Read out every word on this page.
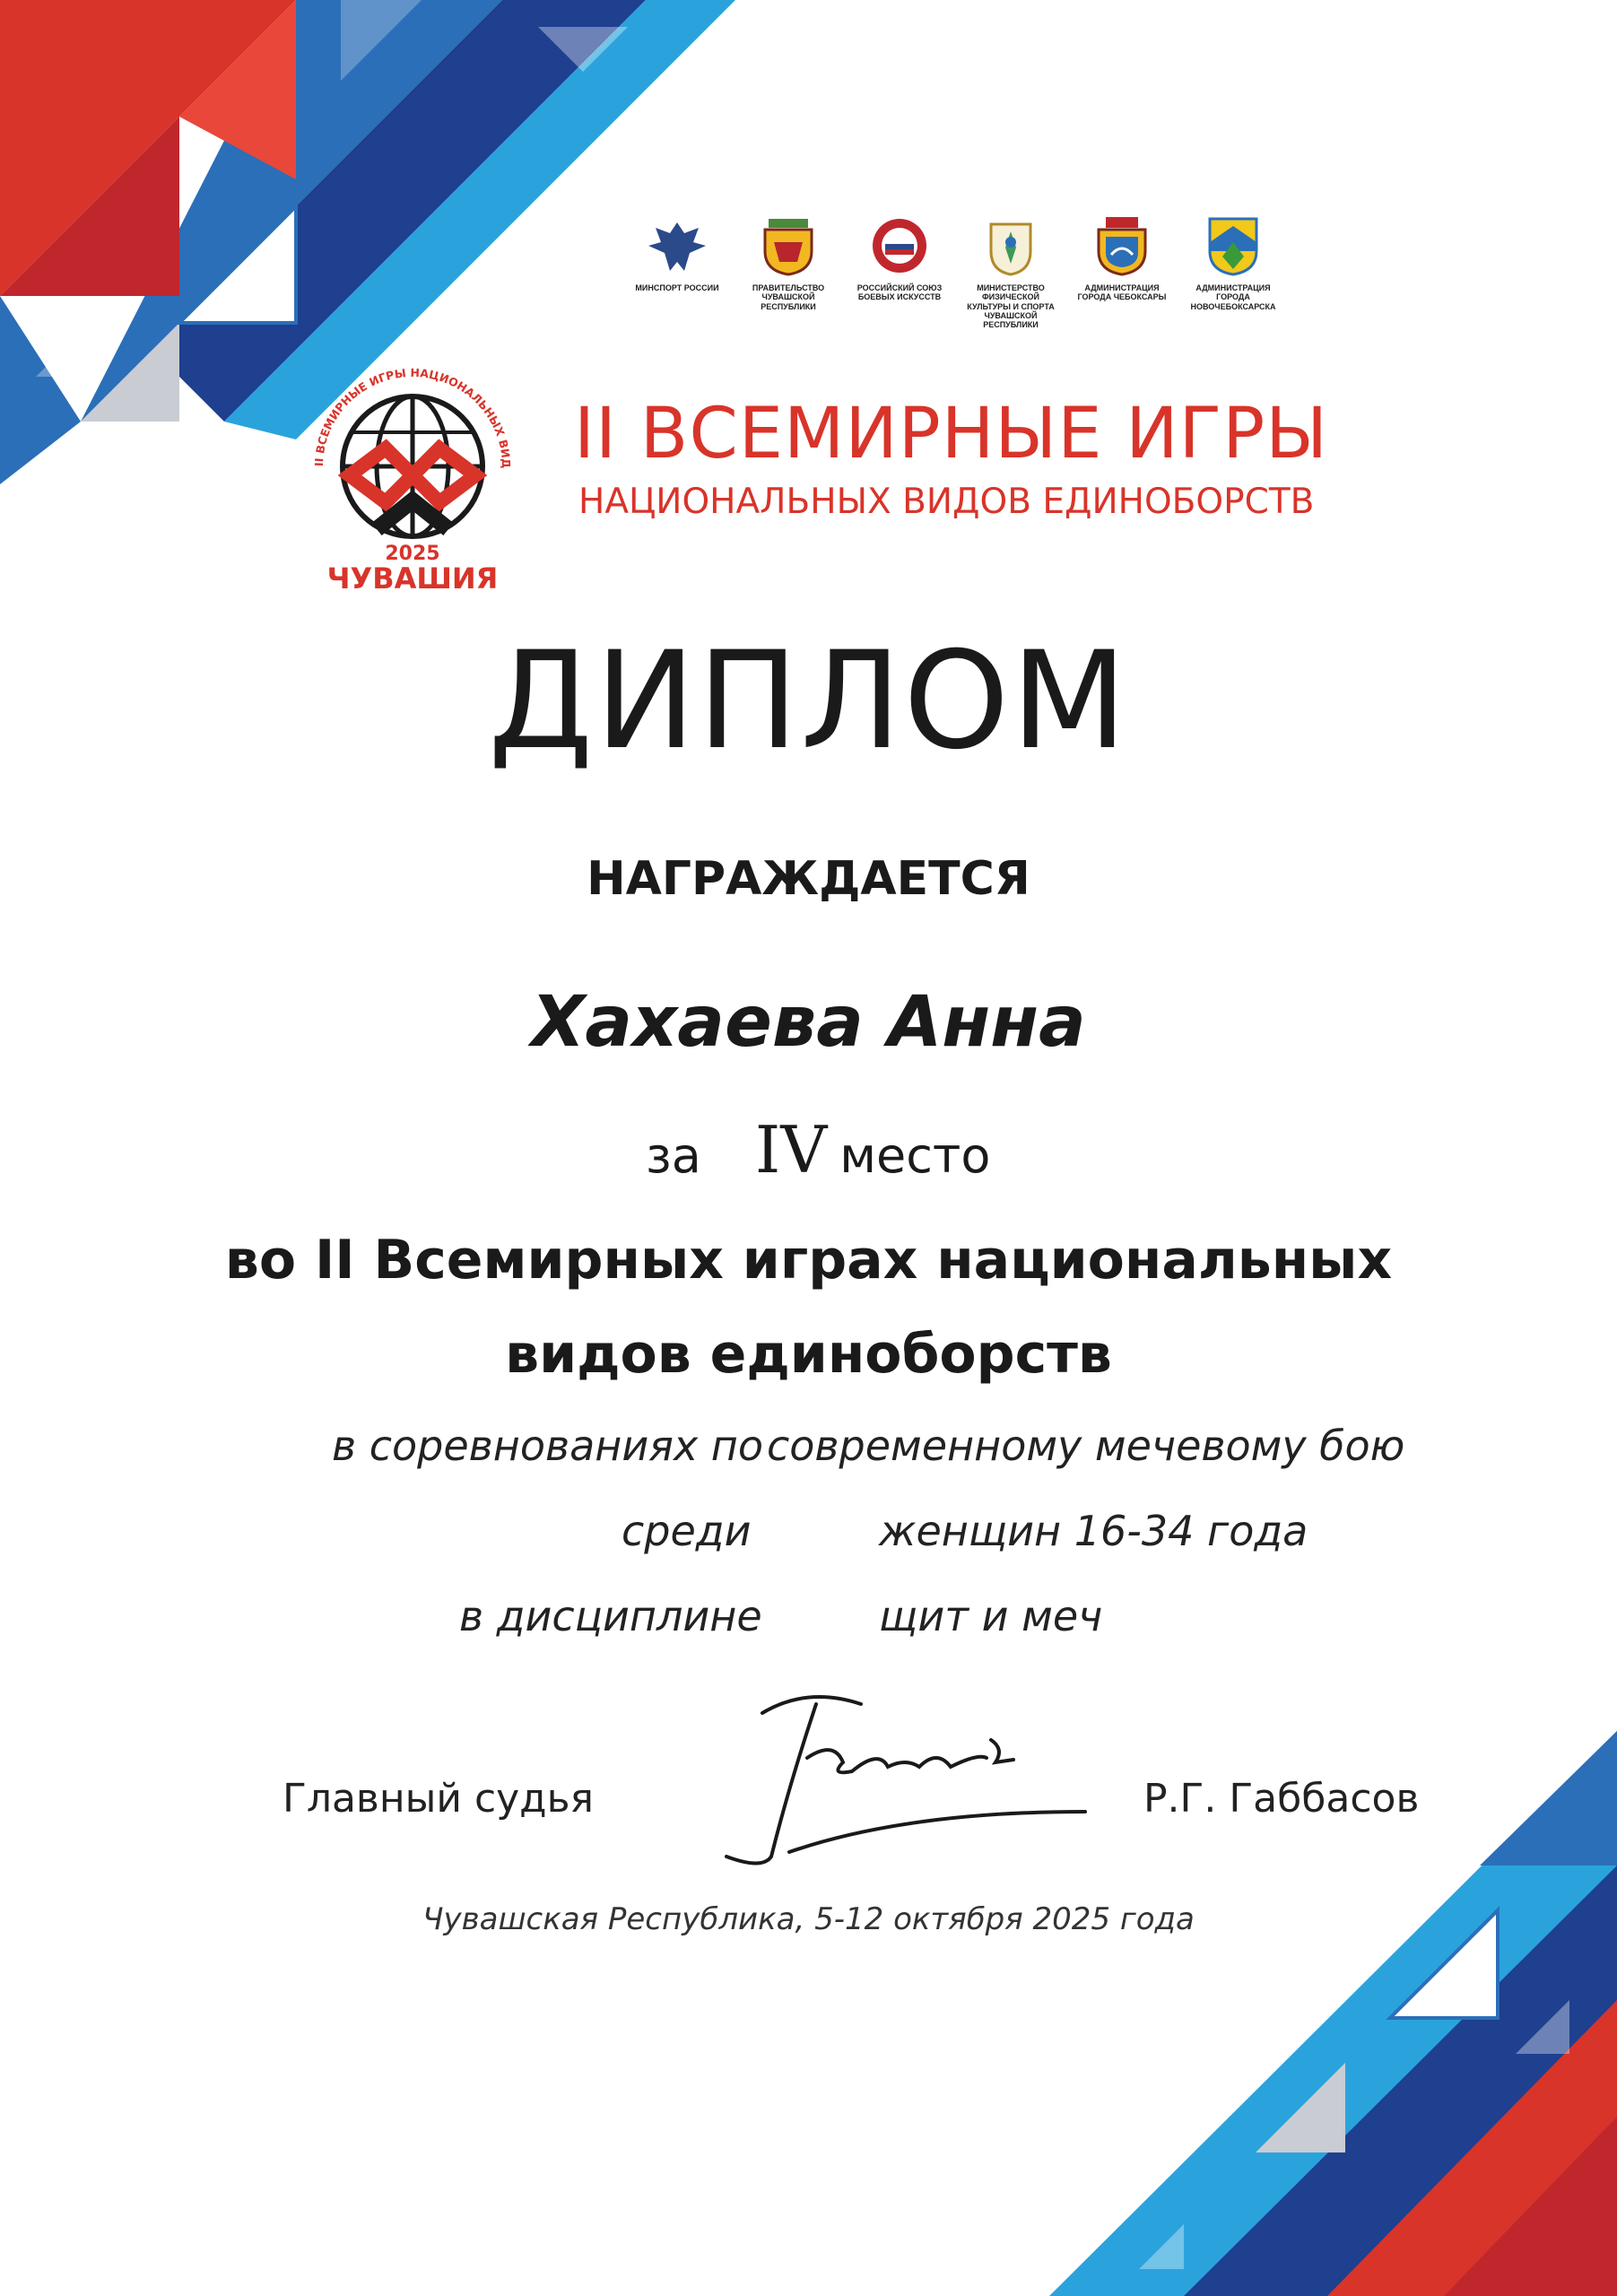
МИНСПОРТ РОССИИ	ПРАВИТЕЛЬСТВО ЧУВАШСКОЙ РЕСПУБЛИКИ
РОССИЙСКИЙ СОЮЗ БОЕВЫХ ИСКУССТВ
МИНИСТЕРСТВО ФИЗИЧЕСКОЙ КУЛЬТУРЫ И СПОРТА ЧУВАШСКОЙ РЕСПУБЛИКИ
АДМИНИСТРАЦИЯ ГОРОДА ЧЕБОКСАРЫ
АДМИНИСТРАЦИЯ ГОРОДА НОВОЧЕБОКСАРСКА
II ВСЕМИРНЫЕ ИГРЫ НАЦИОНАЛЬНЫХ ВИД
2025
ЧУВАШИЯ
II ВСЕМИРНЫЕ ИГРЫ
НАЦИОНАЛЬНЫХ ВИДОВ ЕДИНОБОРСТВ
ДИПЛОМ
НАГРАЖДАЕТСЯ
Хахаева Анна
за IV место
во II Всемирных играх национальных
видов единоборств
в соревнованиях по современному мечевому бою
среди	женщин 16-34 года
в дисциплине	щит и меч
Главный судья	Р.Г. Габбасов
Чувашская Республика, 5-12 октября 2025 года
